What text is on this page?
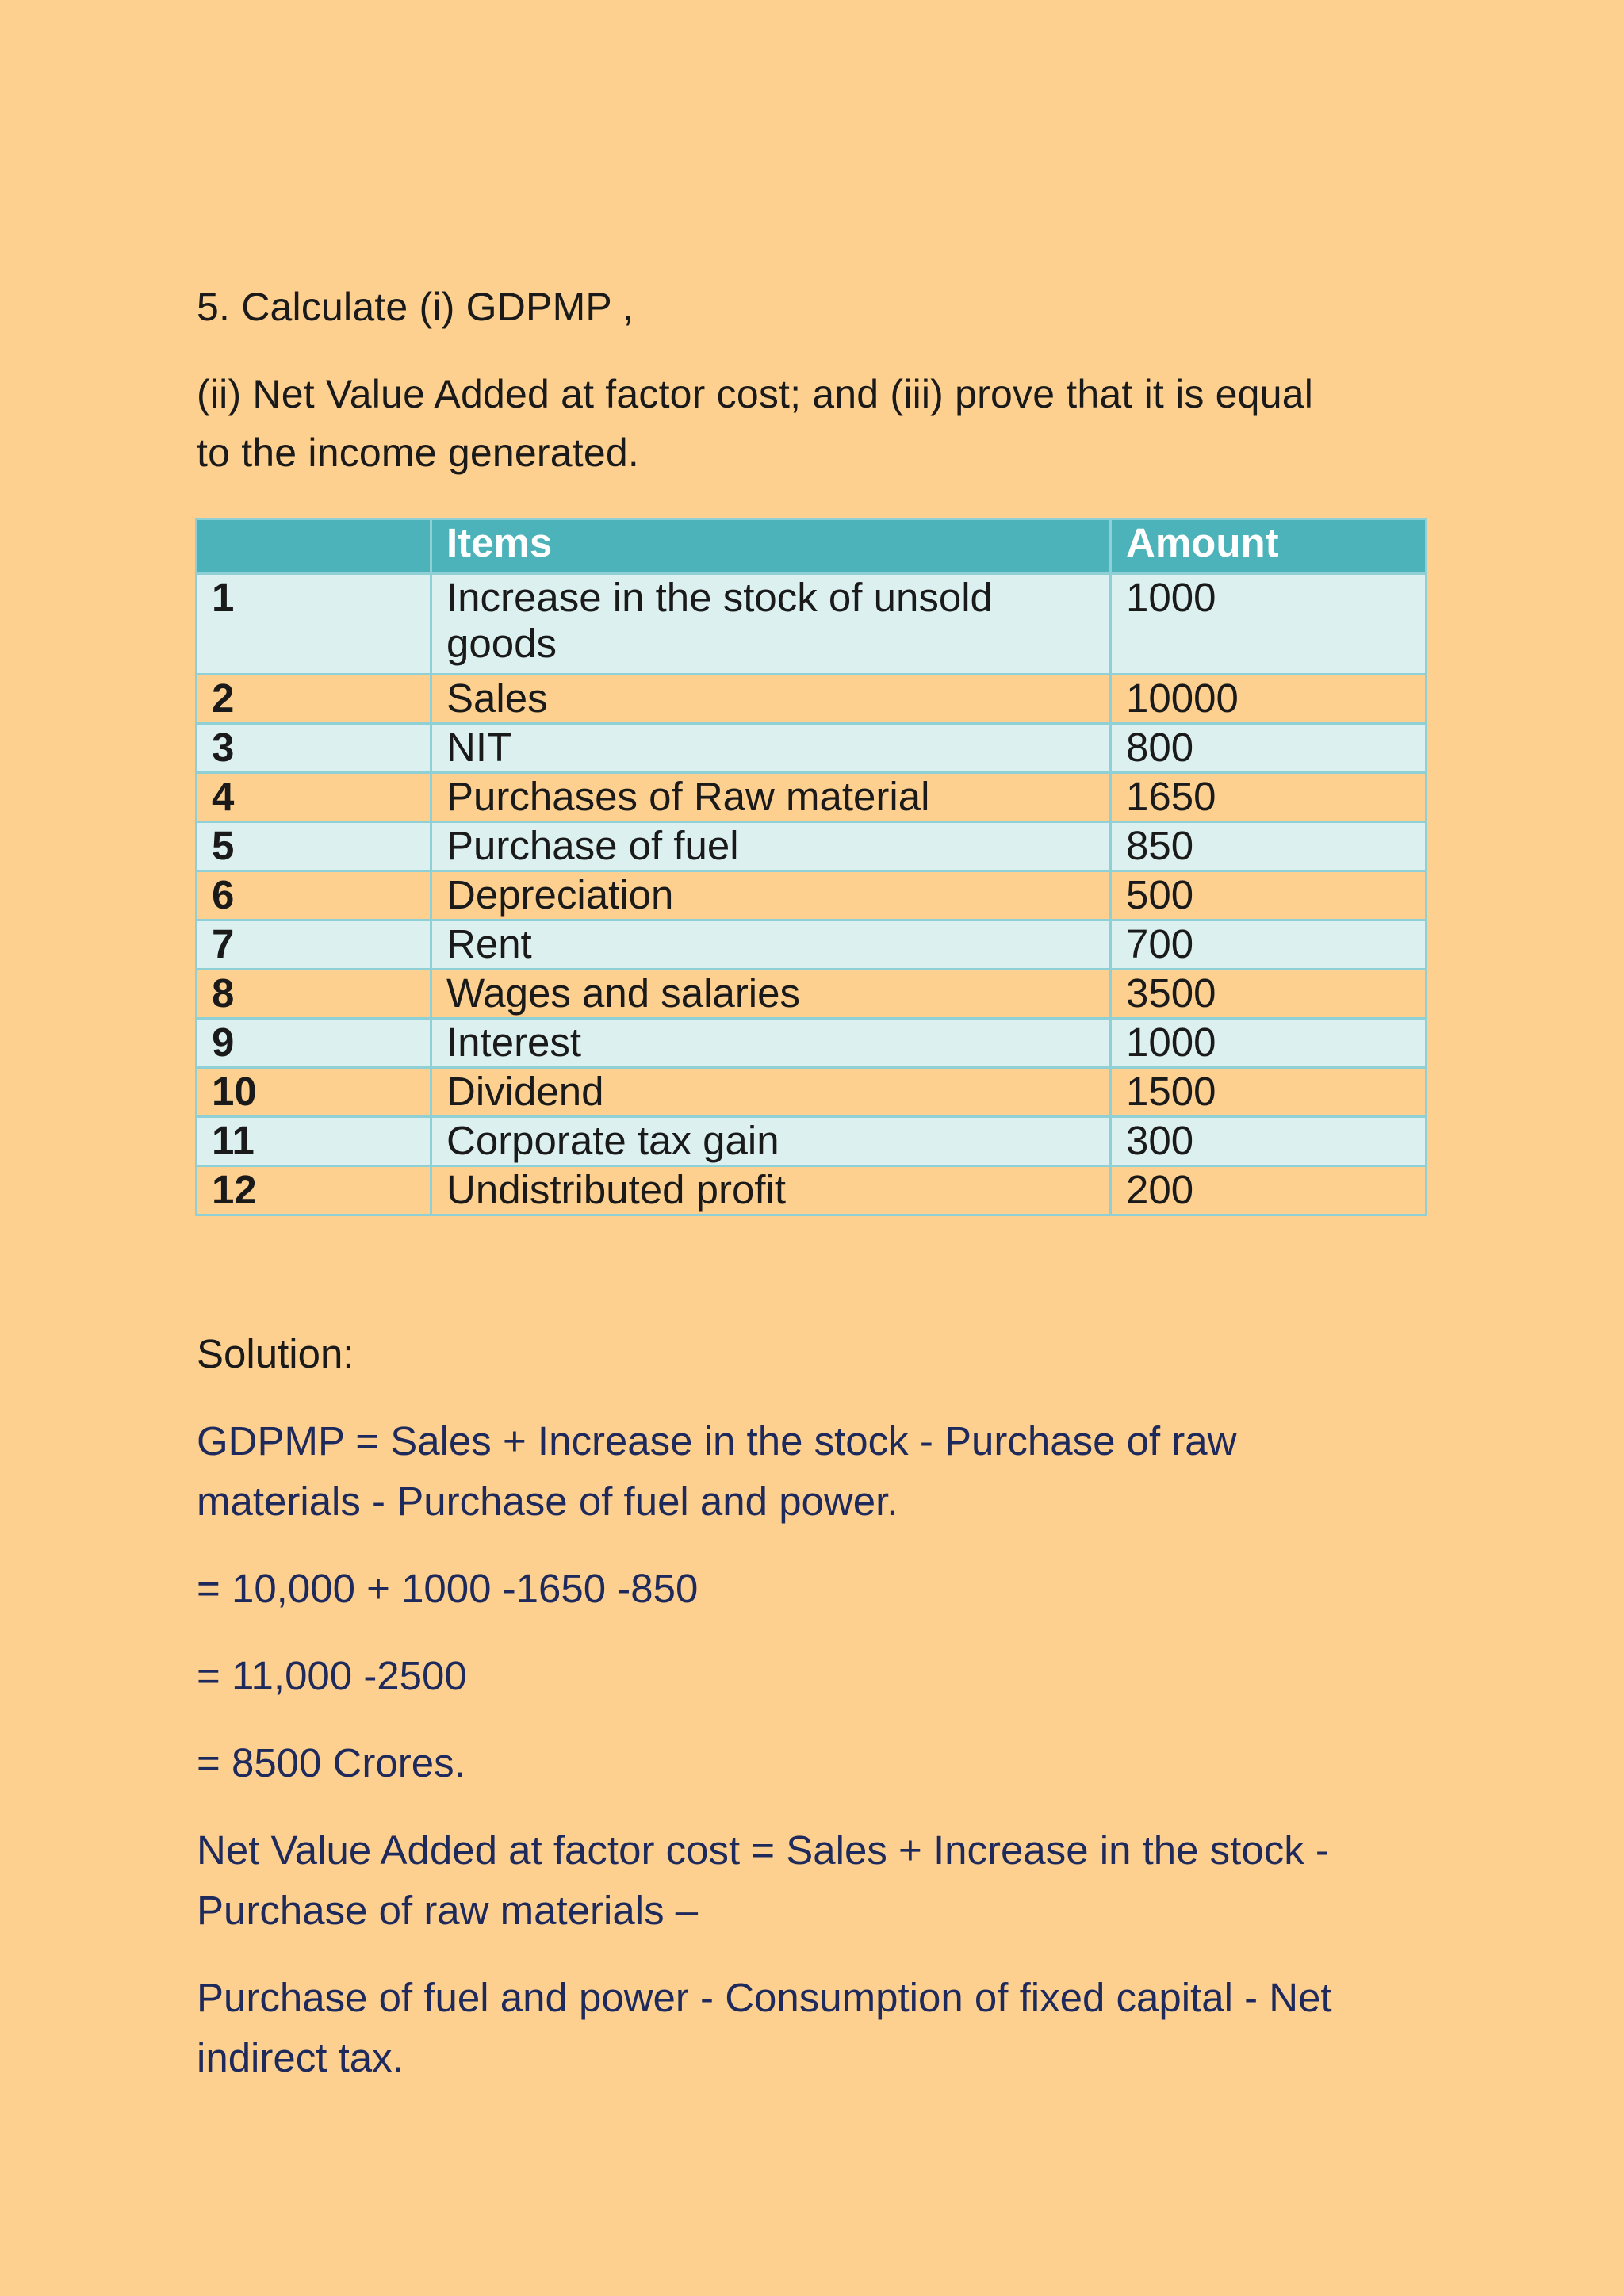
5. Calculate (i) GDPMP ,

(ii) Net Value Added at factor cost; and (iii) prove that it is equal

to the income generated.

	Items	Amount
1	Increase in the stock of unsold goods	1000
2	Sales	10000
3	NIT	800
4	Purchases of Raw material	1650
5	Purchase of fuel	850
6	Depreciation	500
7	Rent	700
8	Wages and salaries	3500
9	Interest	1000
10	Dividend	1500
11	Corporate tax gain	300
12	Undistributed profit	200

Solution:

GDPMP = Sales + Increase in the stock - Purchase of raw

materials - Purchase of fuel and power.

= 10,000 + 1000 -1650 -850

= 11,000 -2500

= 8500 Crores.

Net Value Added at factor cost = Sales + Increase in the stock -

Purchase of raw materials –

Purchase of fuel and power - Consumption of fixed capital - Net

indirect tax.
